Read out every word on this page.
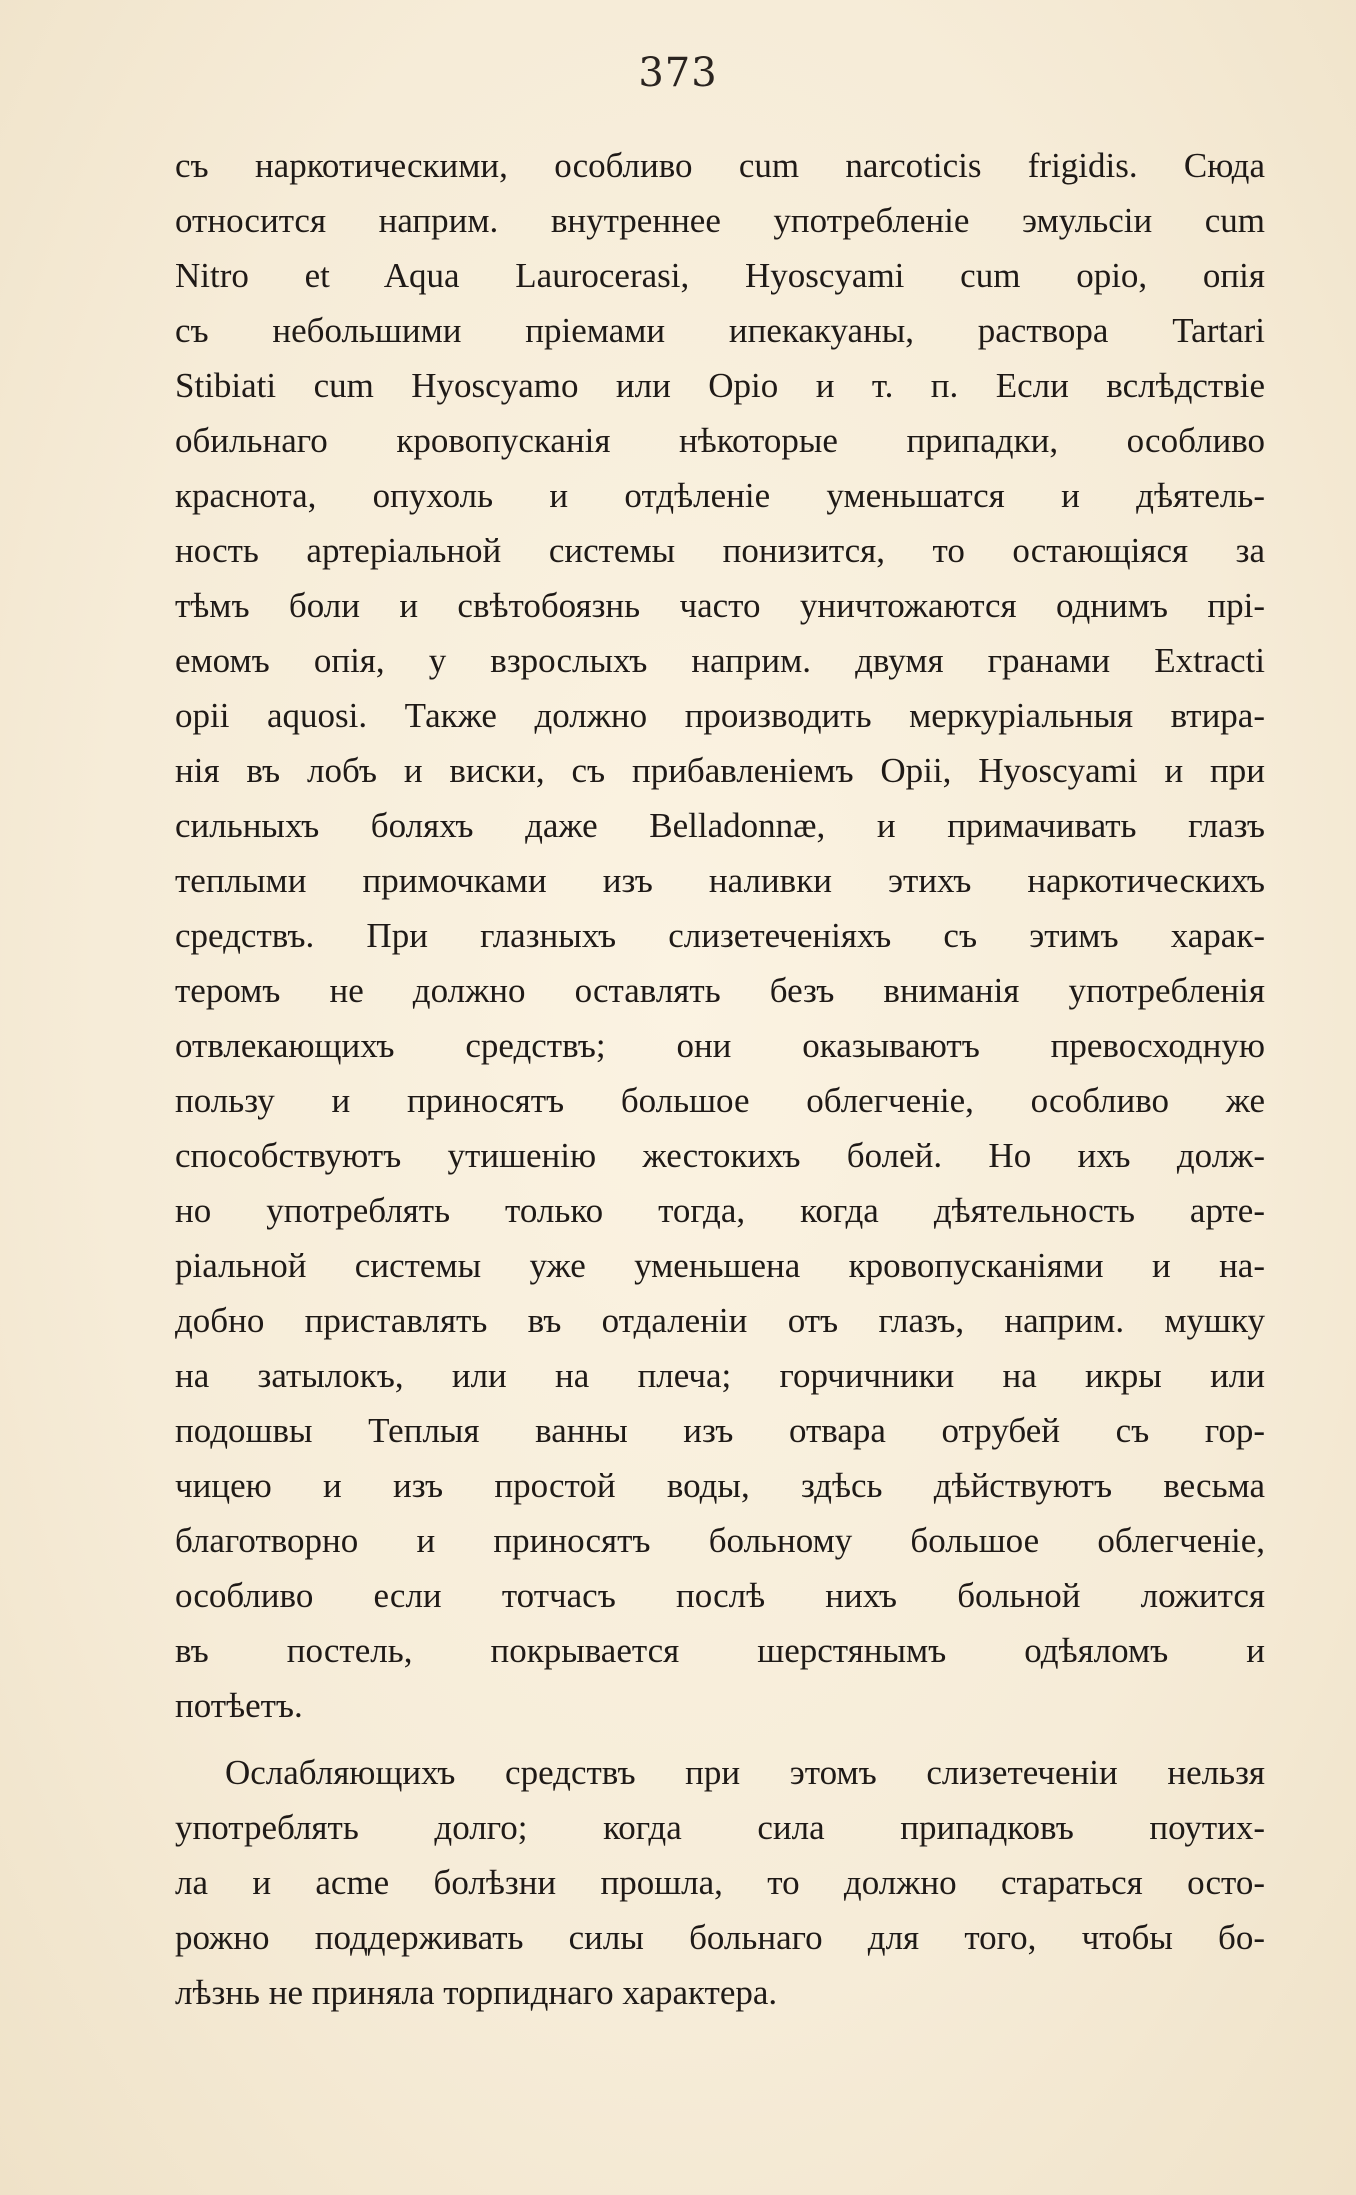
373
съ наркотическими, особливо cum narcoticis frigidis. Сюда
относится наприм. внутреннее употребленіе эмульсіи cum
Nitro et Aqua Laurocerasi, Hyoscyami cum opio, опія
съ небольшими пріемами ипекакуаны, раствора Tartari
Stibiati cum Hyoscyamo или Opio и т. п. Если вслѣдствіе
обильнаго кровопусканія нѣкоторые припадки, особливо
краснота, опухоль и отдѣленіе уменьшатся и дѣятель-
ность артеріальной системы понизится, то остающіяся за
тѣмъ боли и свѣтобоязнь часто уничтожаются однимъ прі-
емомъ опія, у взрослыхъ наприм. двумя гранами Extracti
opii aquosi. Также должно производить меркуріальныя втира-
нія въ лобъ и виски, съ прибавленіемъ Opii, Hyoscyami и при
сильныхъ боляхъ даже Belladonnæ, и примачивать глазъ
теплыми примочками изъ наливки этихъ наркотическихъ
средствъ. При глазныхъ слизетеченіяхъ съ этимъ харак-
теромъ не должно оставлять безъ вниманія употребленія
отвлекающихъ средствъ; они оказываютъ превосходную
пользу и приносятъ большое облегченіе, особливо же
способствуютъ утишенію жестокихъ болей. Но ихъ долж-
но употреблять только тогда, когда дѣятельность арте-
ріальной системы уже уменьшена кровопусканіями и на-
добно приставлять въ отдаленіи отъ глазъ, наприм. мушку
на затылокъ, или на плеча; горчичники на икры или
подошвы Теплыя ванны изъ отвара отрубей съ гор-
чицею и изъ простой воды, здѣсь дѣйствуютъ весьма
благотворно и приносятъ больному большое облегченіе,
особливо если тотчасъ послѣ нихъ больной ложится
въ постель, покрывается шерстянымъ одѣяломъ и
потѣетъ.
Ослабляющихъ средствъ при этомъ слизетеченіи нельзя
употреблять долго; когда сила припадковъ поутих-
ла и acme болѣзни прошла, то должно стараться осто-
рожно поддерживать силы больнаго для того, чтобы бо-
лѣзнь не приняла торпиднаго характера.
